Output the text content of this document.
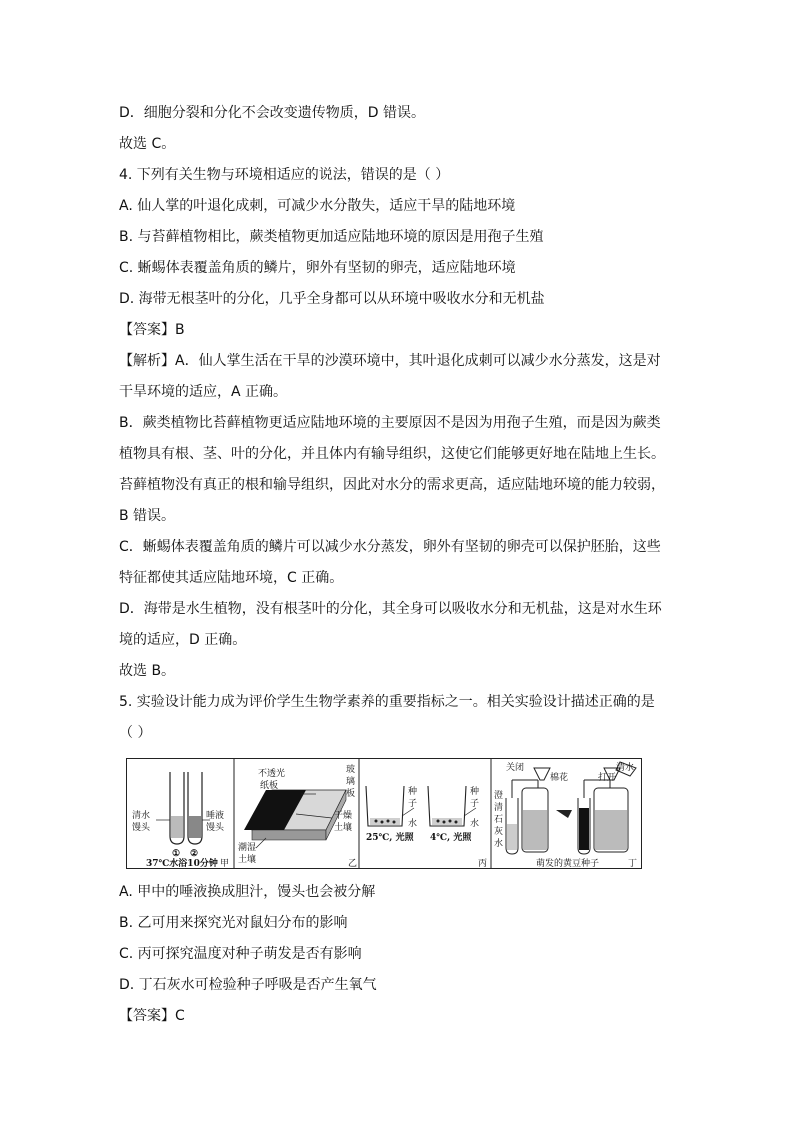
D．细胞分裂和分化不会改变遗传物质，D 错误。
故选 C。
4. 下列有关生物与环境相适应的说法，错误的是（ ）
A. 仙人掌的叶退化成刺，可减少水分散失，适应干旱的陆地环境
B. 与苔藓植物相比，蕨类植物更加适应陆地环境的原因是用孢子生殖
C. 蜥蜴体表覆盖角质的鳞片，卵外有坚韧的卵壳，适应陆地环境
D. 海带无根茎叶的分化，几乎全身都可以从环境中吸收水分和无机盐
【答案】B
【解析】A．仙人掌生活在干旱的沙漠环境中，其叶退化成刺可以减少水分蒸发，这是对
干旱环境的适应，A 正确。
B．蕨类植物比苔藓植物更适应陆地环境的主要原因不是因为用孢子生殖，而是因为蕨类
植物具有根、茎、叶的分化，并且体内有输导组织，这使它们能够更好地在陆地上生长。
苔藓植物没有真正的根和输导组织，因此对水分的需求更高，适应陆地环境的能力较弱，
B 错误。
C．蜥蜴体表覆盖角质的鳞片可以减少水分蒸发，卵外有坚韧的卵壳可以保护胚胎，这些
特征都使其适应陆地环境，C 正确。
D．海带是水生植物，没有根茎叶的分化，其全身可以吸收水分和无机盐，这是对水生环
境的适应，D 正确。
故选 B。
5. 实验设计能力成为评价学生生物学素养的重要指标之一。相关实验设计描述正确的是
（ ）
清水
馒头
唾液
馒头
① ②
37℃水浴10分钟 甲
不透光
纸板
玻
璃
板
干燥
土壤
潮湿
土壤	乙
种
子
水
种
子
水
25℃, 光照 4℃, 光照
丙
关闭
棉花
清水
打开
澄
清
石
灰
水
萌发的黄豆种子	丁
A. 甲中的唾液换成胆汁，馒头也会被分解
B. 乙可用来探究光对鼠妇分布的影响
C. 丙可探究温度对种子萌发是否有影响
D. 丁石灰水可检验种子呼吸是否产生氧气
【答案】C
